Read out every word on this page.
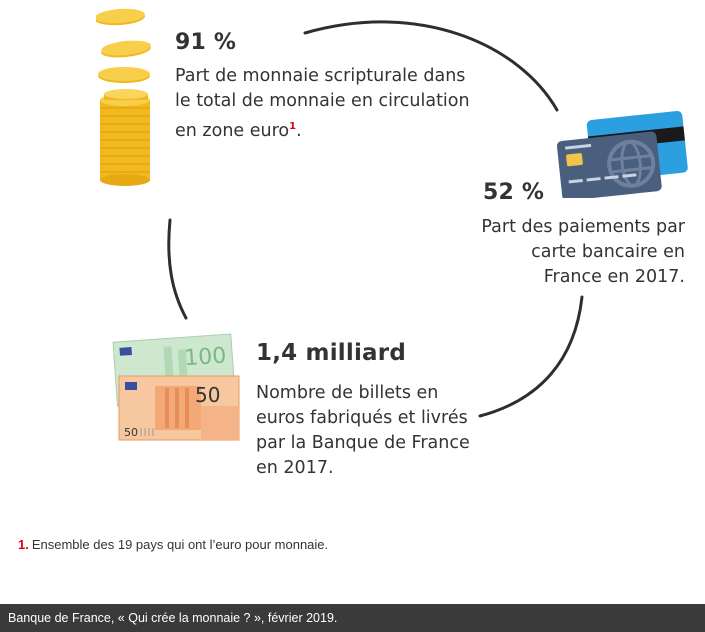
91 %
Part de monnaie scripturale dans le total de monnaie en circulation en zone euro$^1$.
52 %
Part des paiements par carte bancaire en France en 2017.
100
50
50
1,4 milliard
Nombre de billets en euros fabriqués et livrés par la Banque de France en 2017.
1. Ensemble des 19 pays qui ont l’euro pour monnaie.
Banque de France, « Qui crée la monnaie ? », février 2019.
